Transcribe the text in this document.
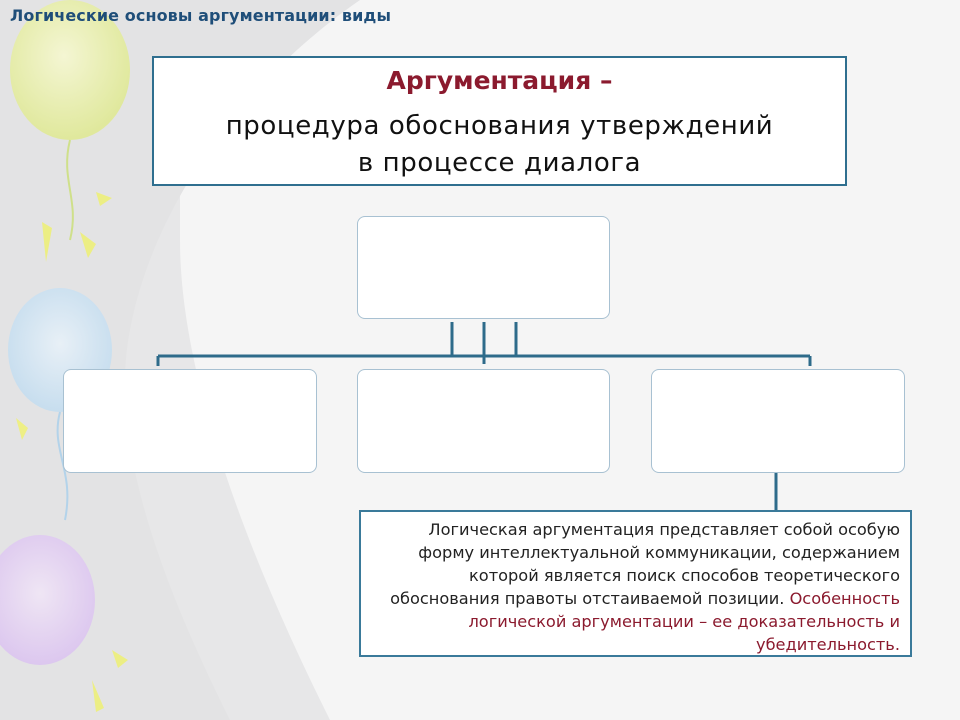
Логические основы аргументации: виды
Аргументация –
процедура обоснования утверждений
в процессе диалога
Логическая аргументация представляет собой особую форму интеллектуальной коммуникации, содержанием которой является поиск способов теоретического обоснования правоты отстаиваемой позиции. Особенность логической аргументации – ее доказательность и убедительность.
